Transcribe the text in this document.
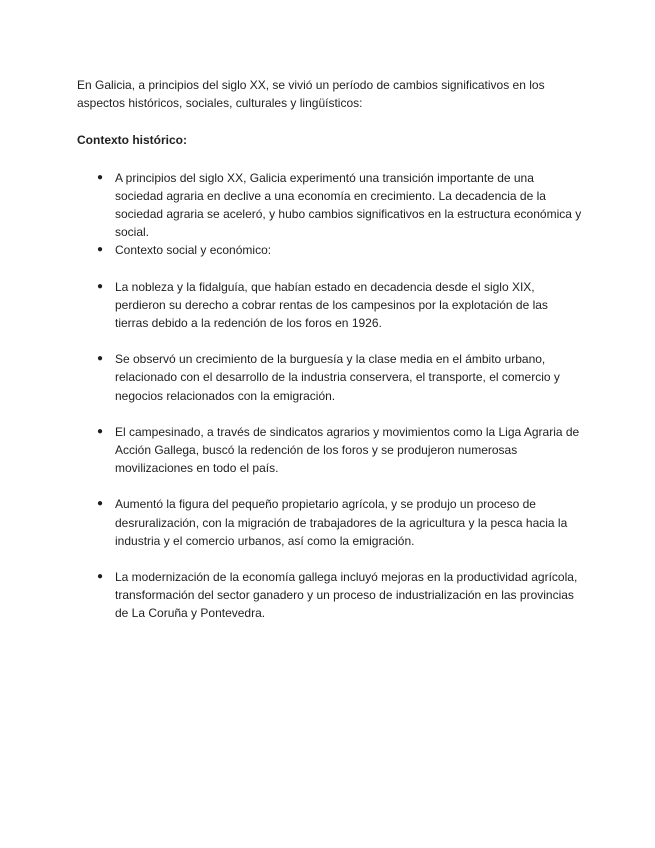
En Galicia, a principios del siglo XX, se vivió un período de cambios significativos en los aspectos históricos, sociales, culturales y lingüísticos:

Contexto histórico:

● A principios del siglo XX, Galicia experimentó una transición importante de una sociedad agraria en declive a una economía en crecimiento. La decadencia de la sociedad agraria se aceleró, y hubo cambios significativos en la estructura económica y social.
● Contexto social y económico:
● La nobleza y la fidalguía, que habían estado en decadencia desde el siglo XIX, perdieron su derecho a cobrar rentas de los campesinos por la explotación de las tierras debido a la redención de los foros en 1926.
● Se observó un crecimiento de la burguesía y la clase media en el ámbito urbano, relacionado con el desarrollo de la industria conservera, el transporte, el comercio y negocios relacionados con la emigración.
● El campesinado, a través de sindicatos agrarios y movimientos como la Liga Agraria de Acción Gallega, buscó la redención de los foros y se produjeron numerosas movilizaciones en todo el país.
● Aumentó la figura del pequeño propietario agrícola, y se produjo un proceso de desruralización, con la migración de trabajadores de la agricultura y la pesca hacia la industria y el comercio urbanos, así como la emigración.
● La modernización de la economía gallega incluyó mejoras en la productividad agrícola, transformación del sector ganadero y un proceso de industrialización en las provincias de La Coruña y Pontevedra.
